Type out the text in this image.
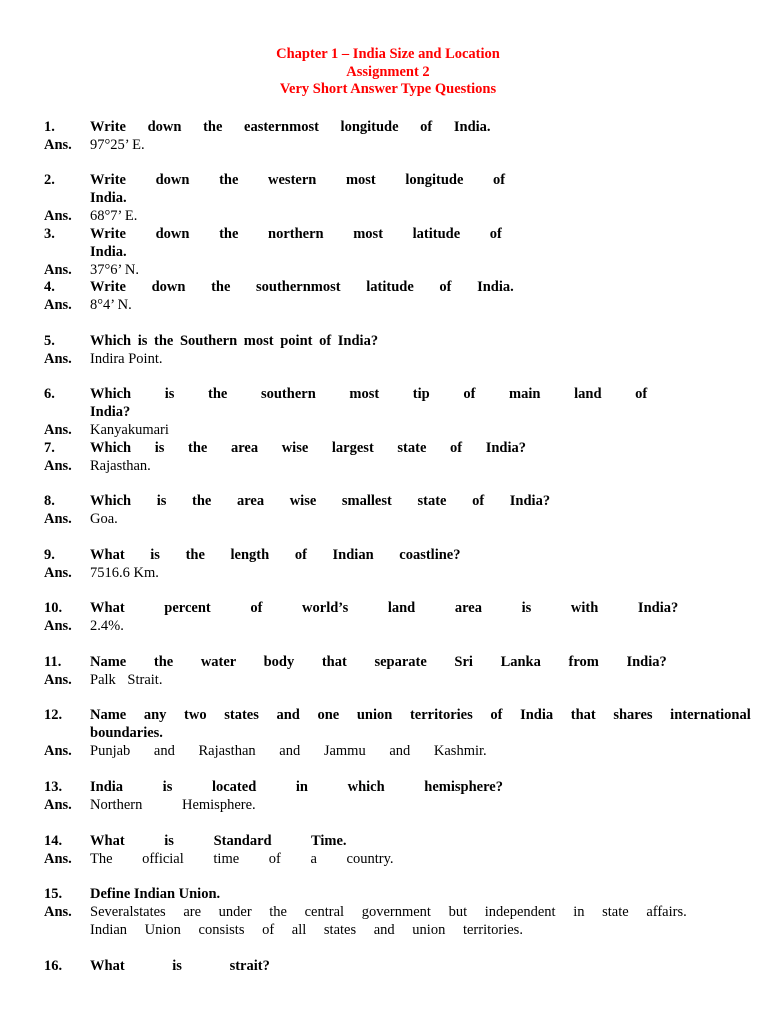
Chapter 1 – India Size and Location
Assignment 2
Very Short Answer Type Questions
1.	Write down the easternmost longitude of India.
Ans.	97°25’ E.
2.	Write down the western most longitude of India.
Ans.	68°7’ E.
3.	Write down the northern most latitude of India.
Ans.	37°6’ N.
4.	Write down the southernmost latitude of India.
Ans.	8°4’ N.
5.	Which is the Southern most point of India?
Ans.	Indira Point.
6.	Which is the southern most tip of main land of India?
Ans.	Kanyakumari
7.	Which is the area wise largest state of India?
Ans.	Rajasthan.
8.	Which is the area wise smallest state of India?
Ans.	Goa.
9.	What is the length of Indian coastline?
Ans.	7516.6 Km.
10.	What percent of world’s land area is with India?
Ans.	2.4%.
11.	Name the water body that separate Sri Lanka from India?
Ans.	Palk Strait.
12.	Name any two states and one union territories of India that shares international
boundaries.
Ans.	Punjab and Rajasthan and Jammu and Kashmir.
13.	India is located in which hemisphere?
Ans.	Northern Hemisphere.
14.	What is Standard Time.
Ans.	The official time of a country.
15.	Define Indian Union.
Ans.	Severalstates are under the central government but independent in state affairs.
Indian Union consists of all states and union territories.
16.	What is strait?
